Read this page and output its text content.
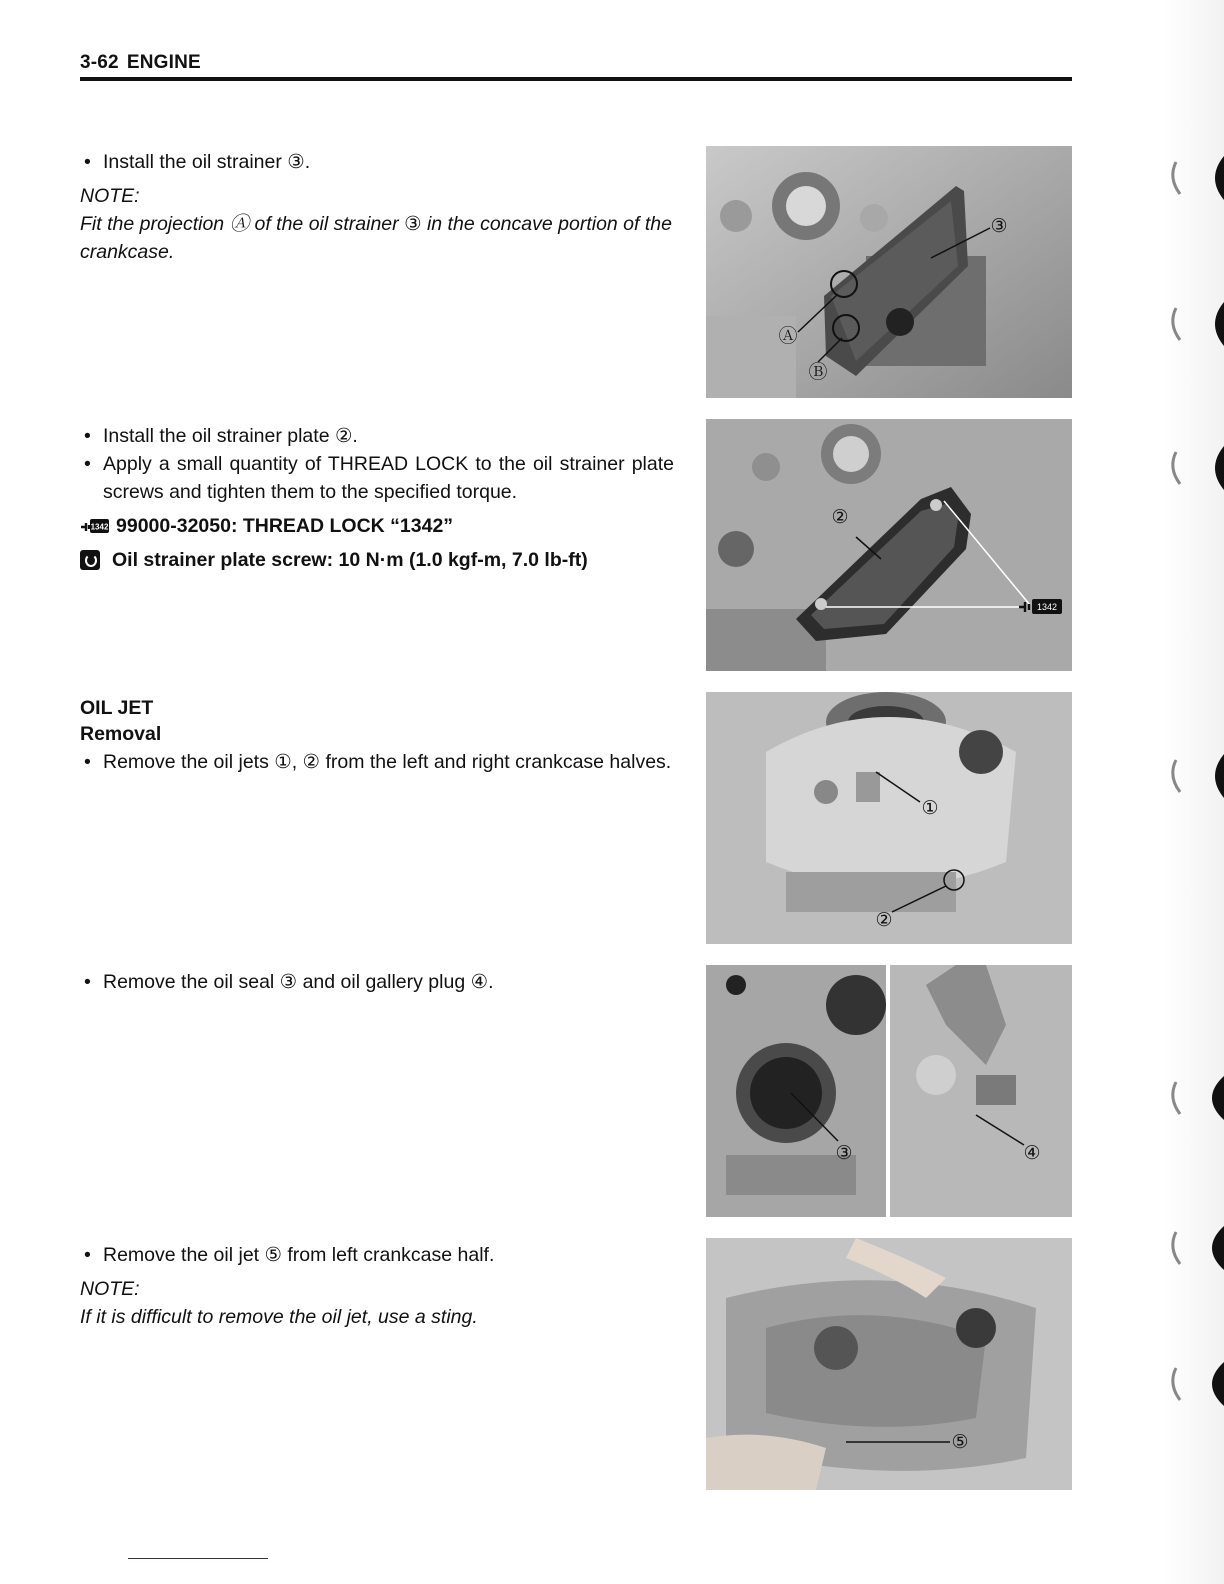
3-62 ENGINE
• Install the oil strainer ③.
NOTE:
Fit the projection Ⓐ of the oil strainer ③ in the concave portion of the crankcase.
• Install the oil strainer plate ②.
• Apply a small quantity of THREAD LOCK to the oil strainer plate screws and tighten them to the specified torque.
1342 99000-32050: THREAD LOCK “1342”
Oil strainer plate screw: 10 N·m (1.0 kgf-m, 7.0 lb-ft)
OIL JET
Removal
• Remove the oil jets ①, ② from the left and right crankcase halves.
• Remove the oil seal ③ and oil gallery plug ④.
• Remove the oil jet ⑤ from left crankcase half.
NOTE:
If it is difficult to remove the oil jet, use a sting.
③
Ⓐ
Ⓑ
②
1342
①
②
③	④
⑤
